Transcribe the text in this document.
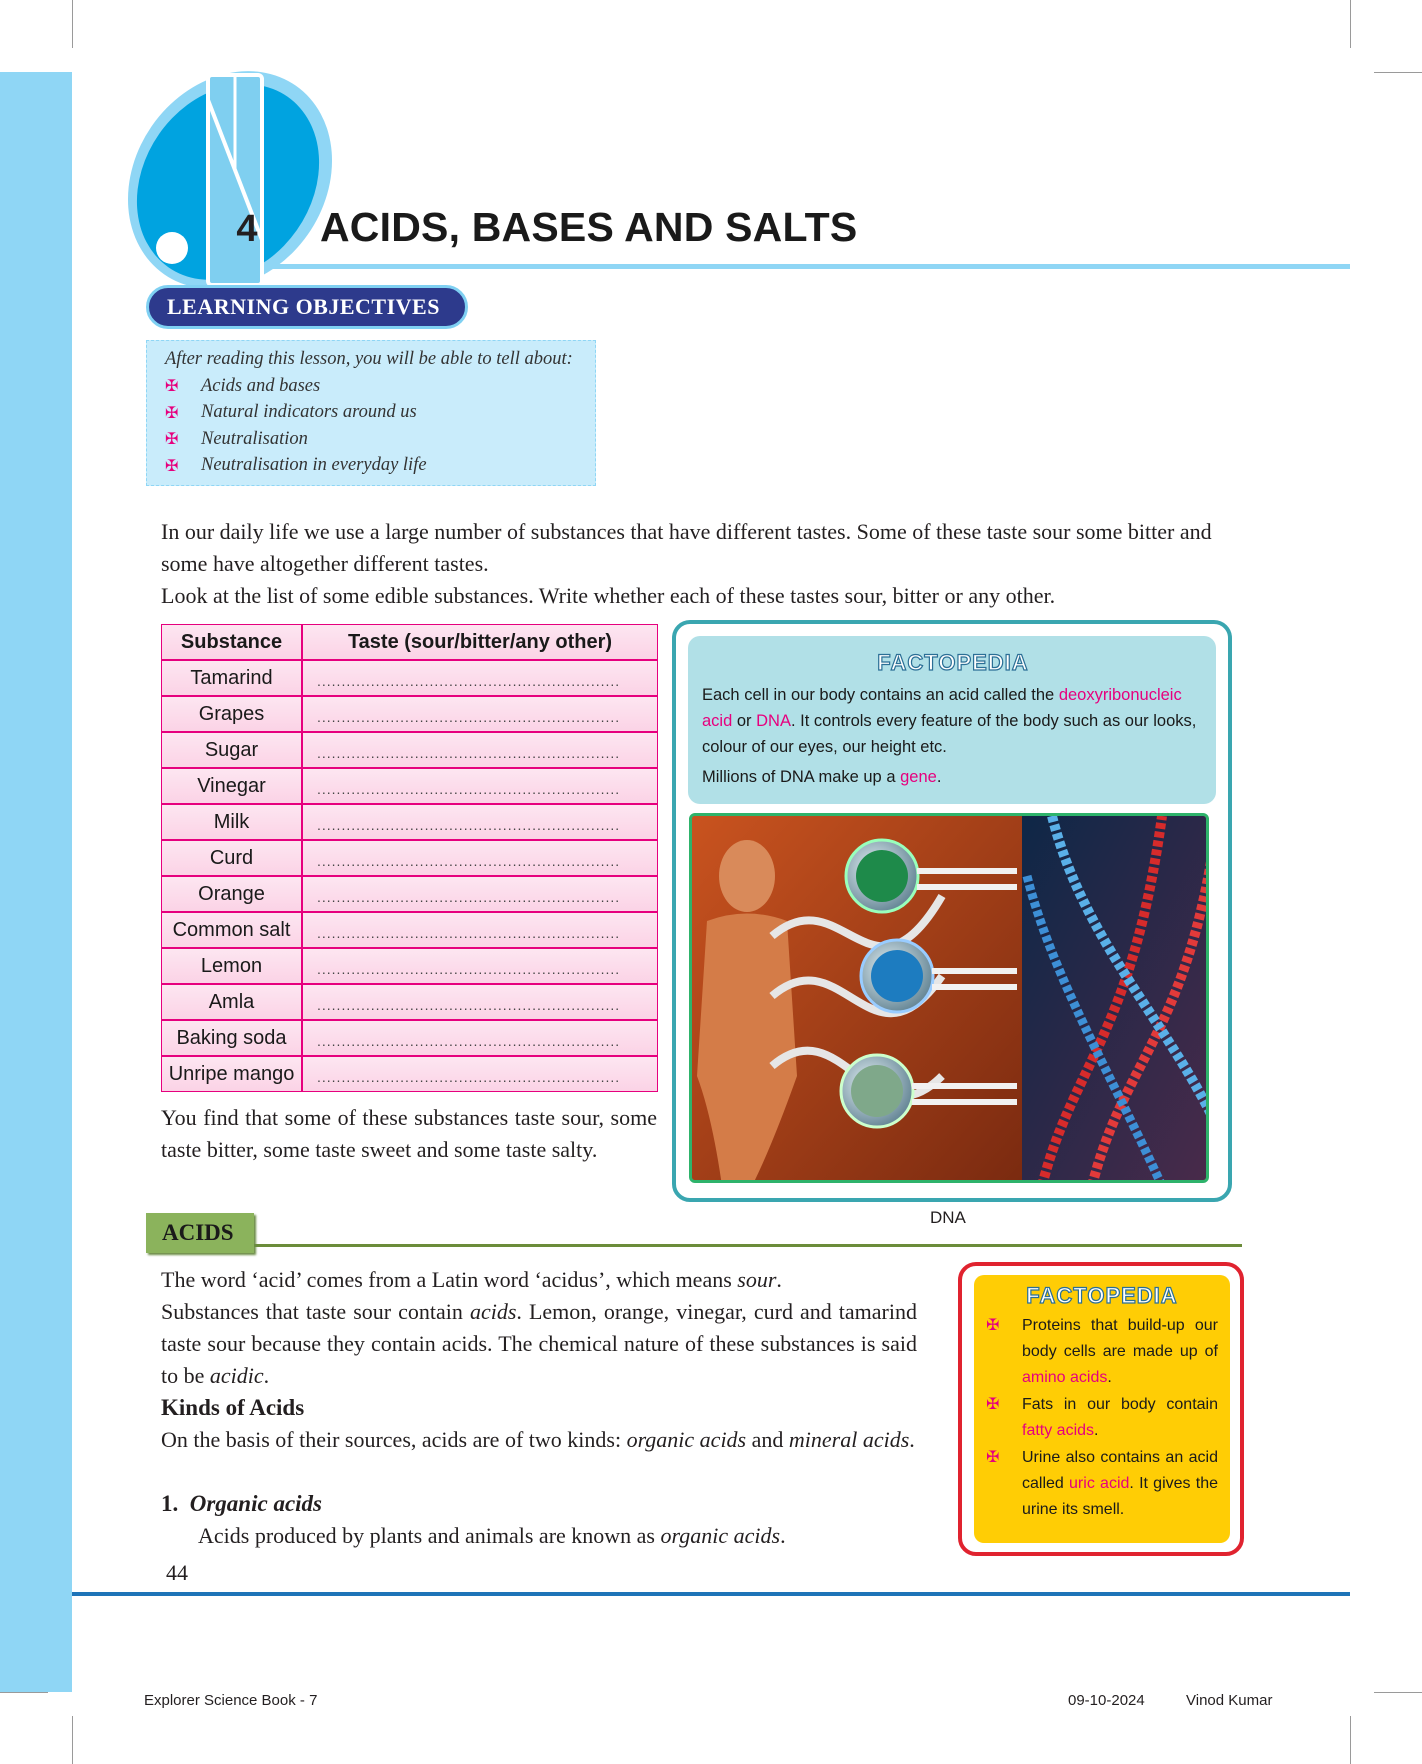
4	ACIDS, BASES AND SALTS
LEARNING OBJECTIVES
After reading this lesson, you will be able to tell about:
✠	Acids and bases
✠	Natural indicators around us
✠	Neutralisation
✠	Neutralisation in everyday life
In our daily life we use a large number of substances that have different tastes. Some of these taste sour some bitter and some have altogether different tastes.
Look at the list of some edible substances. Write whether each of these tastes sour, bitter or any other.
Substance	Taste (sour/bitter/any other)
Tamarind	..............................................................
Grapes	..............................................................
Sugar	..............................................................
Vinegar	..............................................................
Milk	..............................................................
Curd	..............................................................
Orange	..............................................................
Common salt	..............................................................
Lemon	..............................................................
Amla	..............................................................
Baking soda	..............................................................
Unripe mango	..............................................................
You find that some of these substances taste sour, some taste bitter, some taste sweet and some taste salty.
FACTOPEDIA
Each cell in our body contains an acid called the deoxyribonucleic acid or DNA. It controls every feature of the body such as our looks, colour of our eyes, our height etc.
Millions of DNA make up a gene.
DNA
ACIDS
The word ‘acid’ comes from a Latin word ‘acidus’, which means sour.
Substances that taste sour contain acids. Lemon, orange, vinegar, curd and tamarind taste sour because they contain acids. The chemical nature of these substances is said to be acidic.
Kinds of Acids
On the basis of their sources, acids are of two kinds: organic acids and mineral acids.
1. Organic acids
Acids produced by plants and animals are known as organic acids.
FACTOPEDIA
✠	Proteins that build-up our body cells are made up of amino acids.
✠	Fats in our body contain fatty acids.
✠	Urine also contains an acid called uric acid. It gives the urine its smell.
44
Explorer Science Book - 7	09-10-2024	Vinod Kumar
